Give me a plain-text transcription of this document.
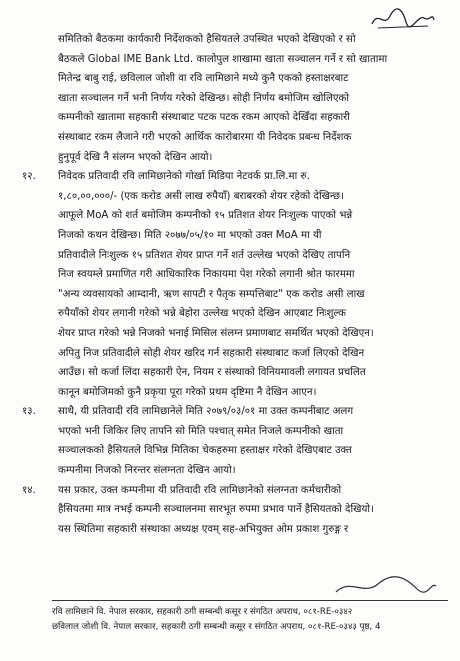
समितिको बैठकमा कार्यकारी निर्देशकको हैसियतले उपस्थित भएको देखिएको र सो
बैठकले Global IME Bank Ltd. कालोपुल शाखामा खाता सञ्चालन गर्ने र सो खातामा
मितेन्द्र बाबु राई, छविलाल जोशी वा रवि लामिछाने मध्ये कुनै एकको हस्ताक्षरबाट
खाता सञ्चालन गर्ने भनी निर्णय गरेको देखिन्छ। सोही निर्णय बमोजिम खोलिएको
कम्पनीको खातामा सहकारी संस्थाबाट पटक पटक रकम आएको देखिँदा सहकारी
संस्थाबाट रकम लैजाने गरी भएको आर्थिक कारोबारमा यी निवेदक प्रबन्ध निर्देशक
हुनुपूर्व देखि नै संलग्न भएको देखिन आयो।
१२.	निवेदक प्रतिवादी रवि लामिछानेको गोर्खा मिडिया नेटवर्क प्रा.लि.मा रु.
१,८०,००,०००/- (एक करोड असी लाख रुपैयाँ) बराबरको शेयर रहेको देखिन्छ।
आफूले MoA को शर्त बमोजिम कम्पनीको १५ प्रतिशत शेयर निःशुल्क पाएको भन्ने
निजको कथन देखिन्छ। मिति २०७७/०५/१० मा भएको उक्त MoA मा यी
प्रतिवादीले निःशुल्क १५ प्रतिशत शेयर प्राप्त गर्ने शर्त उल्लेख भएको देखिए तापनि
निज स्वयम्ले प्रमाणित गरी आधिकारिक निकायमा पेश गरेको लगानी श्रोत फारममा
"अन्य व्यवसायको आम्दानी, ऋण सापटी र पैतृक सम्पत्तिबाट" एक करोड असी लाख
रुपैयाँको शेयर लगानी गरेको भन्ने बेहोरा उल्लेख भएको देखिन आएबाट निःशुल्क
शेयर प्राप्त गरेको भन्ने निजको भनाई मिसिल संलग्न प्रमाणबाट समर्थित भएको देखिएन।
अपितु निज प्रतिवादीले सोही शेयर खरिद गर्न सहकारी संस्थाबाट कर्जा लिएको देखिन
आउँछ। सो कर्जा लिंदा सहकारी ऐन, नियम र संस्थाको विनियमावली लगायत प्रचलित
कानून बमोजिमको कुनै प्रकृया पूरा गरेको प्रथम दृष्टिमा नै देखिन आएन।
१३.	साथै, यी प्रतिवादी रवि लामिछानेले मिति २०७९/०३/०१ मा उक्त कम्पनीबाट अलग
भएको भनी जिकिर लिए तापनि सो मिति पश्चात् समेत निजले कम्पनीको खाता
सञ्चालकको हैसियतले विभिन्न मितिका चेकहरुमा हस्ताक्षर गरेको देखिएबाट उक्त
कम्पनीमा निजको निरन्तर संलग्नता देखिन आयो।
१४.	यस प्रकार, उक्त कम्पनीमा यी प्रतिवादी रवि लामिछानेको संलग्नता कर्मचारीको
हैसियतमा मात्र नभई कम्पनी सञ्चालनमा सारभूत रुपमा प्रभाव पार्ने हैसियतको देखियो।
यस स्थितिमा सहकारी संस्थाका अध्यक्ष एवम् सह-अभियुक्त ओम प्रकाश गुरुङ्ग र
रवि लामिछाने वि. नेपाल सरकार, सहकारी ठगी सम्बन्धी कसूर र संगठित अपराध, ०८१-RE-०३४२
छविलाल जोशी वि. नेपाल सरकार, सहकारी ठगी सम्बन्धी कसूर र संगठित अपराध, ०८१-RE-०३४३ पृष्ठ, 4
